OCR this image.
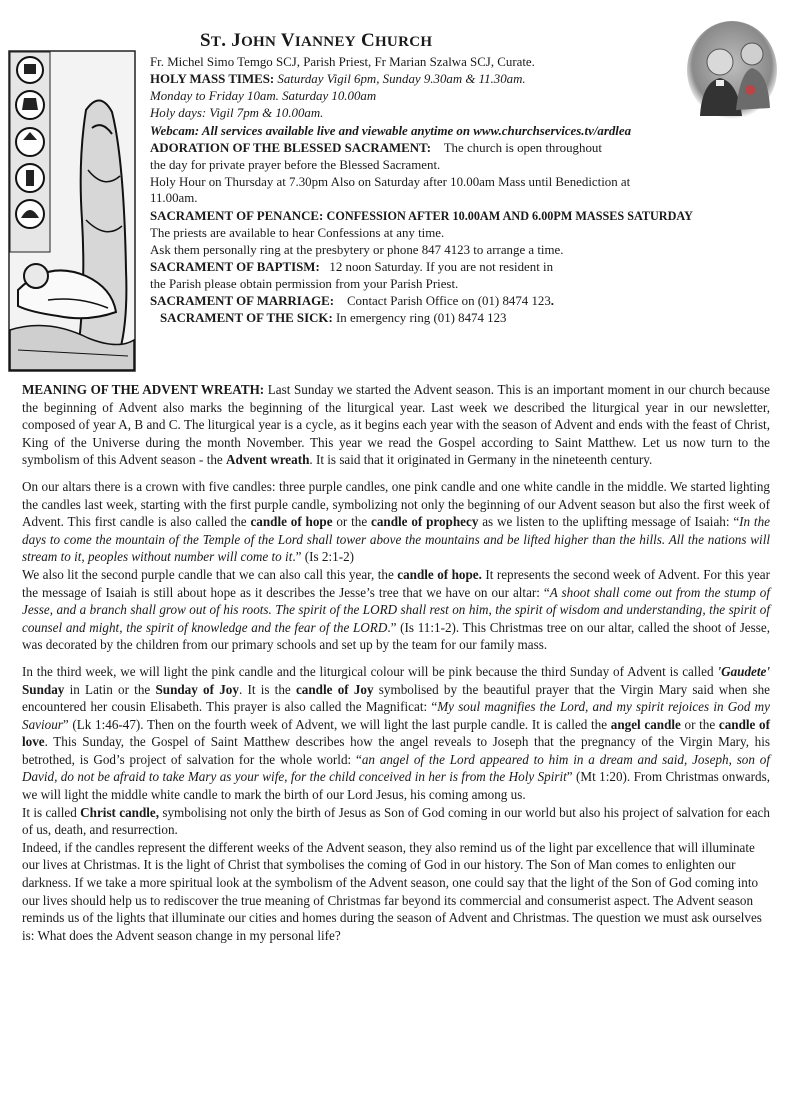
ST. JOHN VIANNEY CHURCH
Fr. Michel Simo Temgo SCJ, Parish Priest, Fr Marian Szalwa SCJ, Curate.
HOLY MASS TIMES: Saturday Vigil 6pm, Sunday 9.30am & 11.30am.
Monday to Friday 10am. Saturday 10.00am
Holy days: Vigil 7pm & 10.00am.
Webcam: All services available live and viewable anytime on www.churchservices.tv/ardlea
ADORATION OF THE BLESSED SACRAMENT: The church is open throughout
the day for private prayer before the Blessed Sacrament.
Holy Hour on Thursday at 7.30pm Also on Saturday after 10.00am Mass until Benediction at
11.00am.
SACRAMENT OF PENANCE: CONFESSION AFTER 10.00AM AND 6.00PM MASSES SATURDAY
The priests are available to hear Confessions at any time.
Ask them personally ring at the presbytery or phone 847 4123 to arrange a time.
SACRAMENT OF BAPTISM: 12 noon Saturday. If you are not resident in
the Parish please obtain permission from your Parish Priest.
SACRAMENT OF MARRIAGE: Contact Parish Office on (01) 8474 123.
SACRAMENT OF THE SICK: In emergency ring (01) 8474 123

MEANING OF THE ADVENT WREATH: Last Sunday we started the Advent season. This is an important moment in our church because the beginning of Advent also marks the beginning of the liturgical year. Last week we described the liturgical year in our newsletter, composed of year A, B and C. The liturgical year is a cycle, as it begins each year with the season of Advent and ends with the feast of Christ, King of the Universe during the month November. This year we read the Gospel according to Saint Matthew. Let us now turn to the symbolism of this Advent season - the Advent wreath. It is said that it originated in Germany in the nineteenth century.

On our altars there is a crown with five candles: three purple candles, one pink candle and one white candle in the middle. We started lighting the candles last week, starting with the first purple candle, symbolizing not only the beginning of our Advent season but also the first week of Advent. This first candle is also called the candle of hope or the candle of prophecy as we listen to the uplifting message of Isaiah: “In the days to come the mountain of the Temple of the Lord shall tower above the mountains and be lifted higher than the hills. All the nations will stream to it, peoples without number will come to it.” (Is 2:1-2)

We also lit the second purple candle that we can also call this year, the candle of hope. It represents the second week of Advent. For this year the message of Isaiah is still about hope as it describes the Jesse’s tree that we have on our altar: “A shoot shall come out from the stump of Jesse, and a branch shall grow out of his roots. The spirit of the LORD shall rest on him, the spirit of wisdom and understanding, the spirit of counsel and might, the spirit of knowledge and the fear of the LORD.” (Is 11:1-2). This Christmas tree on our altar, called the shoot of Jesse, was decorated by the children from our primary schools and set up by the team for our family mass.

In the third week, we will light the pink candle and the liturgical colour will be pink because the third Sunday of Advent is called 'Gaudete' Sunday in Latin or the Sunday of Joy. It is the candle of Joy symbolised by the beautiful prayer that the Virgin Mary said when she encountered her cousin Elisabeth. This prayer is also called the Magnificat: “My soul magnifies the Lord, and my spirit rejoices in God my Saviour” (Lk 1:46-47). Then on the fourth week of Advent, we will light the last purple candle. It is called the angel candle or the candle of love. This Sunday, the Gospel of Saint Matthew describes how the angel reveals to Joseph that the pregnancy of the Virgin Mary, his betrothed, is God’s project of salvation for the whole world: “an angel of the Lord appeared to him in a dream and said, Joseph, son of David, do not be afraid to take Mary as your wife, for the child conceived in her is from the Holy Spirit” (Mt 1:20). From Christmas onwards, we will light the middle white candle to mark the birth of our Lord Jesus, his coming among us.

It is called Christ candle, symbolising not only the birth of Jesus as Son of God coming in our world but also his project of salvation for each of us, death, and resurrection.

Indeed, if the candles represent the different weeks of the Advent season, they also remind us of the light par excellence that will illuminate our lives at Christmas. It is the light of Christ that symbolises the coming of God in our history. The Son of Man comes to enlighten our darkness. If we take a more spiritual look at the symbolism of the Advent season, one could say that the light of the Son of God coming into our lives should help us to rediscover the true meaning of Christmas far beyond its commercial and consumerist aspect. The Advent season reminds us of the lights that illuminate our cities and homes during the season of Advent and Christmas. The question we must ask ourselves is: What does the Advent season change in my personal life?
